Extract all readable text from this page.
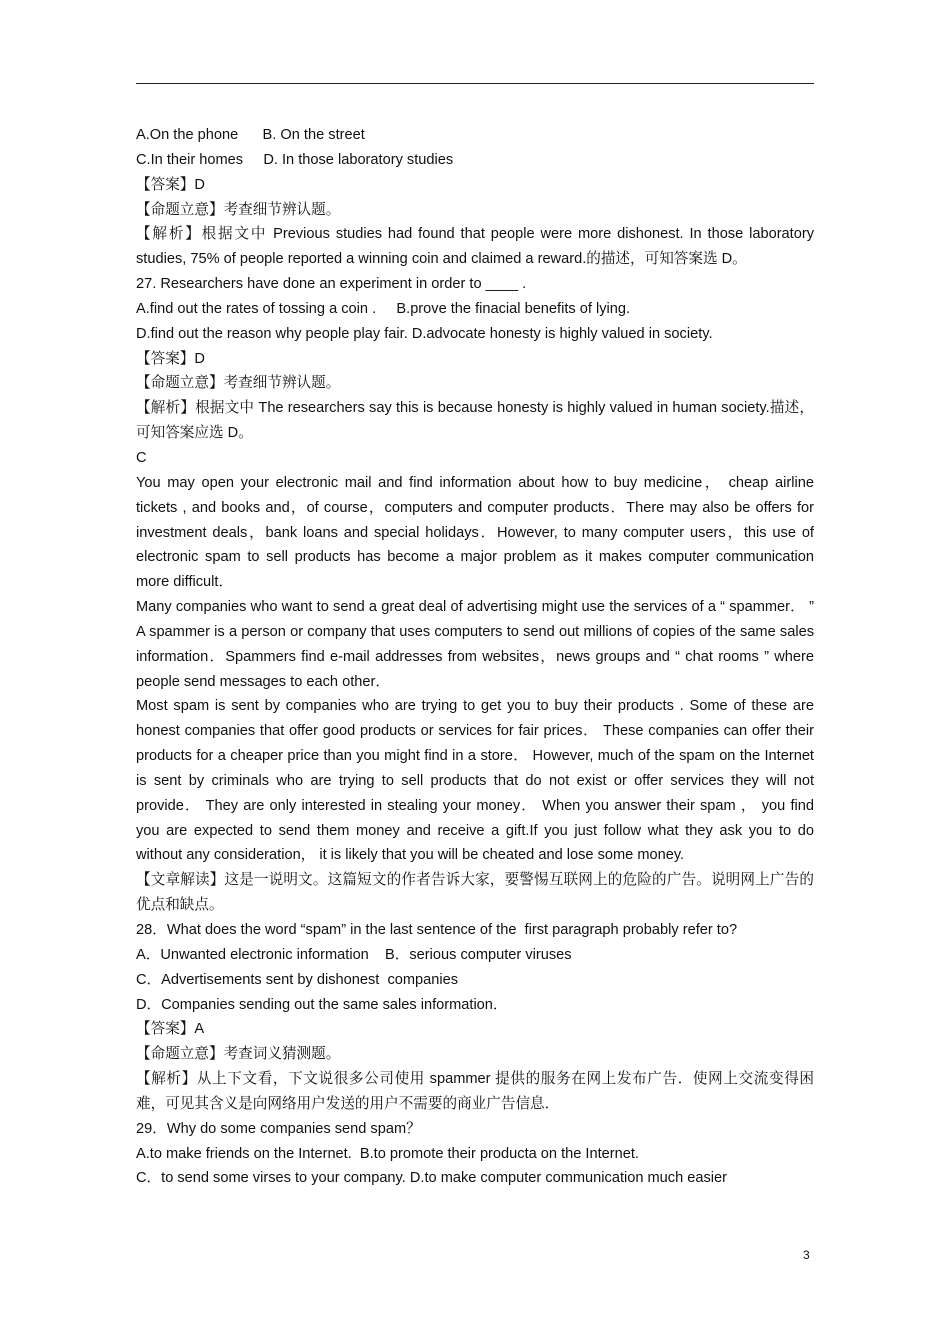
A.On the phone      B. On the street
C.In their homes     D. In those laboratory studies
【答案】D
【命题立意】考查细节辨认题。
【解析】根据文中 Previous studies had found that people were more dishonest. In those laboratory studies, 75% of people reported a winning coin and claimed a reward.的描述，可知答案选 D。
27. Researchers have done an experiment in order to ____ .
A.find out the rates of tossing a coin .     B.prove the finacial benefits of lying.
D.find out the reason why people play fair. D.advocate honesty is highly valued in society.
【答案】D
【命题立意】考查细节辨认题。
【解析】根据文中 The researchers say this is because honesty is highly valued in human society.描述，可知答案应选 D。
C
You may open your electronic mail and find information about how to buy medicine， cheap airline tickets , and books and，of course，computers and computer products．There may also be offers for investment deals，bank loans and special holidays．However, to many computer users，this use of electronic spam to sell products has become a major problem as it makes computer communication more difficult．
Many companies who want to send a great deal of advertising might use the services of a “ spammer． ” A spammer is a person or company that uses computers to send out millions of copies of the same sales information．Spammers find e-mail addresses from websites，news groups and “ chat rooms ” where people send messages to each other．
Most spam is sent by companies who are trying to get you to buy their products . Some of these are honest companies that offer good products or services for fair prices． These companies can offer their products for a cheaper price than you might find in a store． However, much of the spam on the Internet is sent by criminals who are trying to sell products that do not exist or offer services they will not provide． They are only interested in stealing your money． When you answer their spam ， you find you are expected to send them money and receive a gift.If you just follow what they ask you to do without any consideration， it is likely that you will be cheated and lose some money.
【文章解读】这是一说明文。这篇短文的作者告诉大家，要警惕互联网上的危险的广告。说明网上广告的优点和缺点。
28．What does the word “spam” in the last sentence of the  first paragraph probably refer to?
A．Unwanted electronic information    B．serious computer viruses
C．Advertisements sent by dishonest  companies
D．Companies sending out the same sales information．
【答案】A
【命题立意】考查词义猜测题。
【解析】从上下文看，下文说很多公司使用 spammer 提供的服务在网上发布广告．使网上交流变得困难，可见其含义是向网络用户发送的用户不需要的商业广告信息．
29．Why do some companies send spam？
A.to make friends on the Internet.  B.to promote their producta on the Internet.
C．to send some virses to your company. D.to make computer communication much easier
3
